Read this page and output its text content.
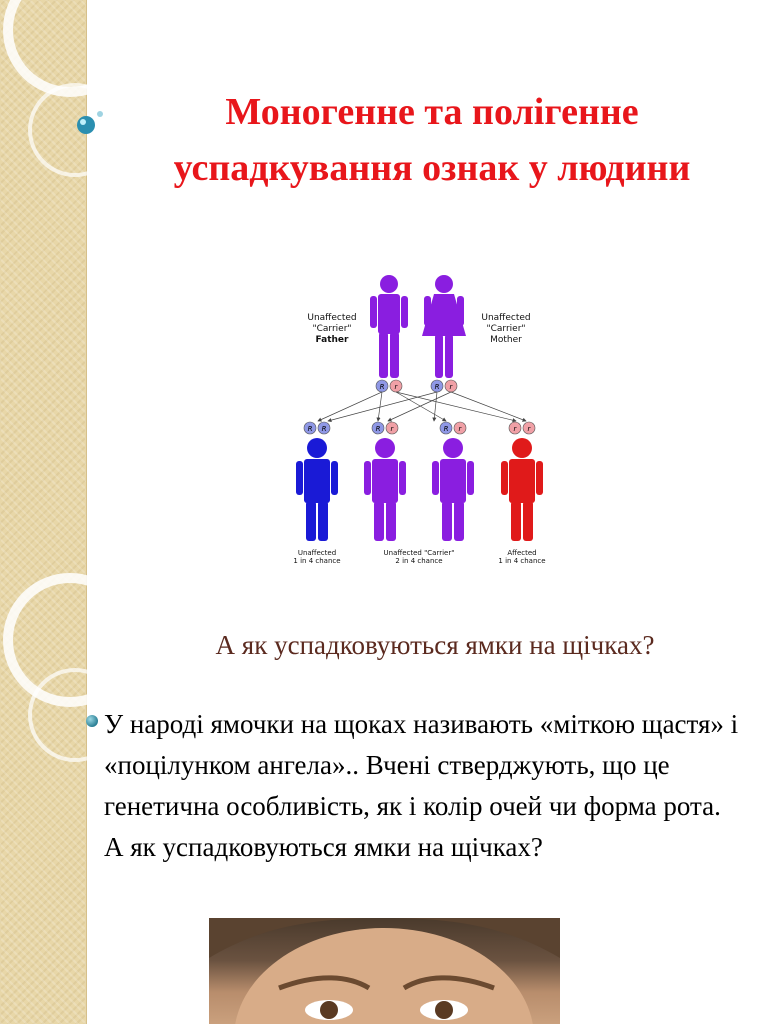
Моногенне та полігенне успадкування ознак у людини
Unaffected
"Carrier"
Father
Unaffected
"Carrier"
Mother
R r	R r
R R	R r	R r	r r
Unaffected
1 in 4 chance
Unaffected "Carrier"
2 in 4 chance
Affected
1 in 4 chance

А як успадковуються ямки на щічках?

У народі ямочки на щоках називають «міткою щастя» і «поцілунком ангела».. Вчені стверджують, що це генетична особливість, як і колір очей чи форма рота. А як успадковуються ямки на щічках?
